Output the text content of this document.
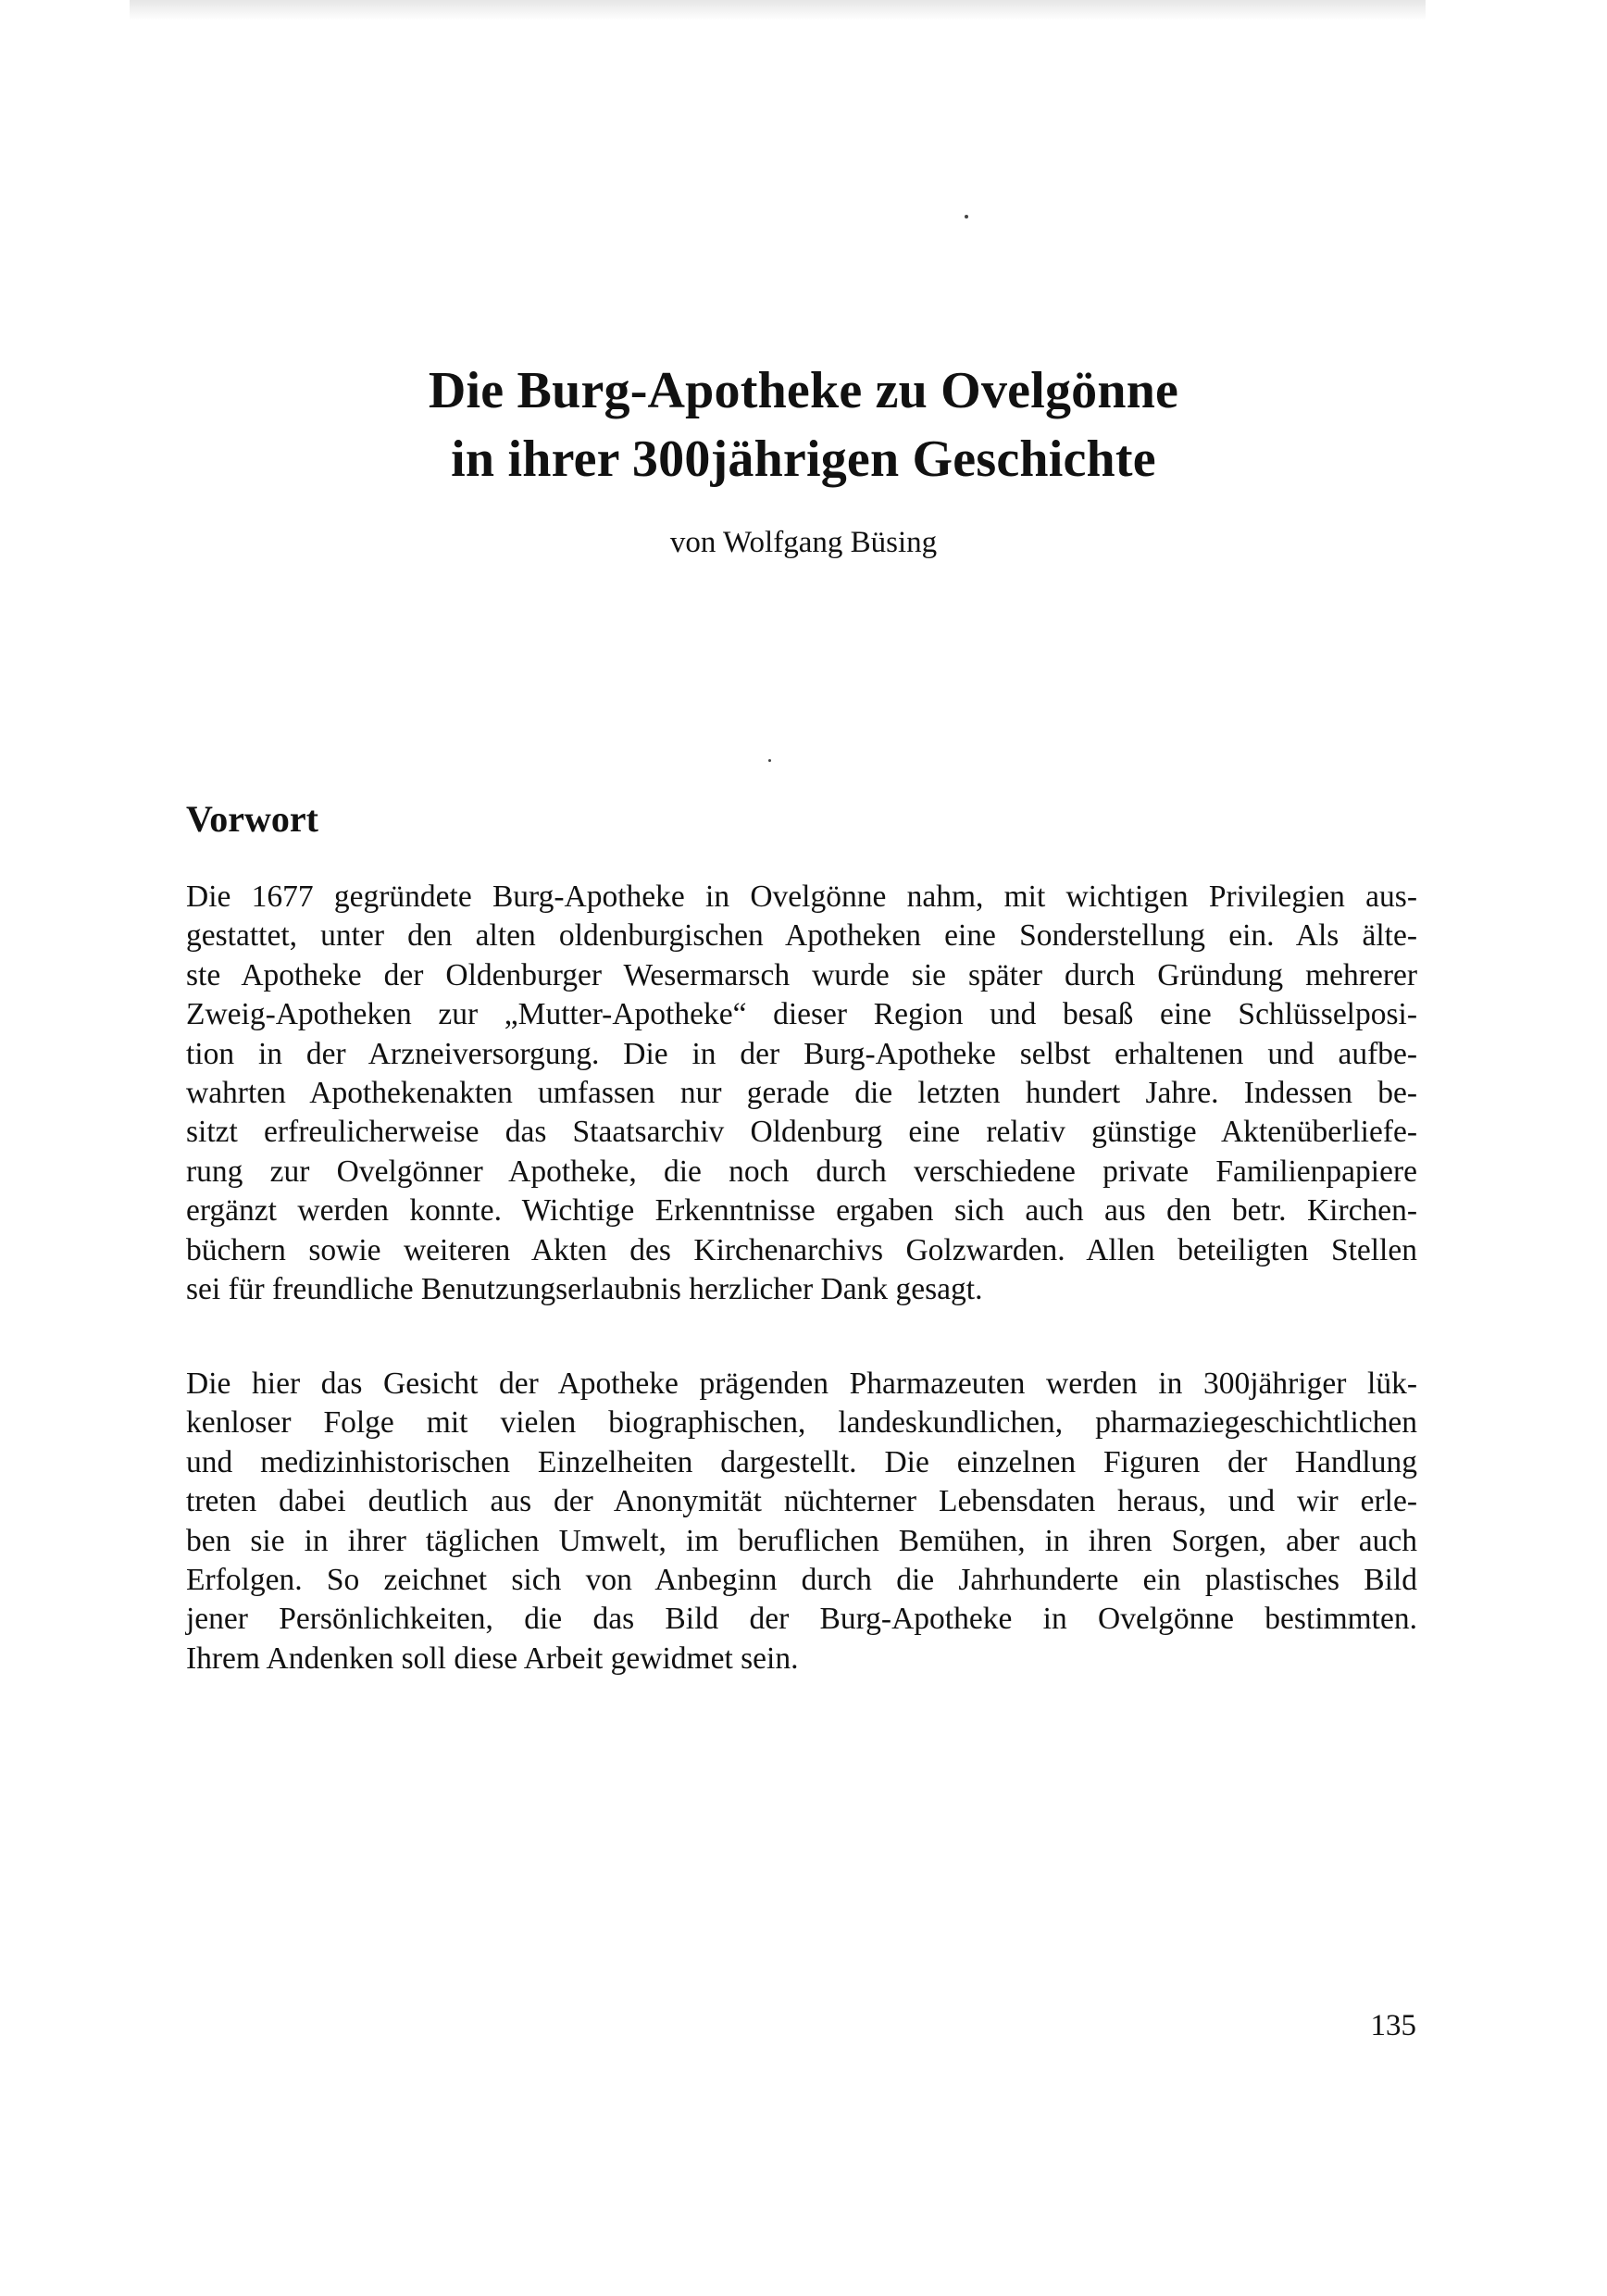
Die Burg-Apotheke zu Ovelgönne
in ihrer 300jährigen Geschichte
von Wolfgang Büsing
Vorwort

Die 1677 gegründete Burg-Apotheke in Ovelgönne nahm, mit wichtigen Privilegien aus-
gestattet, unter den alten oldenburgischen Apotheken eine Sonderstellung ein. Als älte-
ste Apotheke der Oldenburger Wesermarsch wurde sie später durch Gründung mehrerer
Zweig-Apotheken zur „Mutter-Apotheke“ dieser Region und besaß eine Schlüsselposi-
tion in der Arzneiversorgung. Die in der Burg-Apotheke selbst erhaltenen und aufbe-
wahrten Apothekenakten umfassen nur gerade die letzten hundert Jahre. Indessen be-
sitzt erfreulicherweise das Staatsarchiv Oldenburg eine relativ günstige Aktenüberliefe-
rung zur Ovelgönner Apotheke, die noch durch verschiedene private Familienpapiere
ergänzt werden konnte. Wichtige Erkenntnisse ergaben sich auch aus den betr. Kirchen-
büchern sowie weiteren Akten des Kirchenarchivs Golzwarden. Allen beteiligten Stellen
sei für freundliche Benutzungserlaubnis herzlicher Dank gesagt.

Die hier das Gesicht der Apotheke prägenden Pharmazeuten werden in 300jähriger lük-
kenloser Folge mit vielen biographischen, landeskundlichen, pharmaziegeschichtlichen
und medizinhistorischen Einzelheiten dargestellt. Die einzelnen Figuren der Handlung
treten dabei deutlich aus der Anonymität nüchterner Lebensdaten heraus, und wir erle-
ben sie in ihrer täglichen Umwelt, im beruflichen Bemühen, in ihren Sorgen, aber auch
Erfolgen. So zeichnet sich von Anbeginn durch die Jahrhunderte ein plastisches Bild
jener Persönlichkeiten, die das Bild der Burg-Apotheke in Ovelgönne bestimmten.
Ihrem Andenken soll diese Arbeit gewidmet sein.

135
